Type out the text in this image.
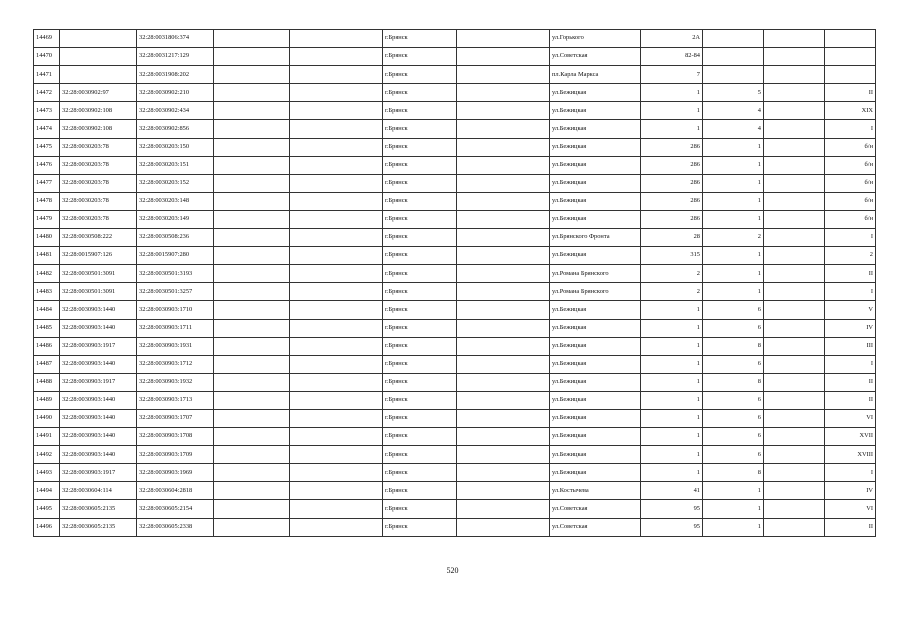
14469		32:28:0031806:374			г.Брянск		ул.Горького	2А			
14470		32:28:0031217:129			г.Брянск		ул.Советская	82-84			
14471		32:28:0031908:202			г.Брянск		пл.Карла Маркса	7			
14472	32:28:0030902:97	32:28:0030902:210			г.Брянск		ул.Бежицкая	1	5		II
14473	32:28:0030902:108	32:28:0030902:434			г.Брянск		ул.Бежицкая	1	4		XIX
14474	32:28:0030902:108	32:28:0030902:856			г.Брянск		ул.Бежицкая	1	4		I
14475	32:28:0030203:78	32:28:0030203:150			г.Брянск		ул.Бежицкая	286	1		б/н
14476	32:28:0030203:78	32:28:0030203:151			г.Брянск		ул.Бежицкая	286	1		б/н
14477	32:28:0030203:78	32:28:0030203:152			г.Брянск		ул.Бежицкая	286	1		б/н
14478	32:28:0030203:78	32:28:0030203:148			г.Брянск		ул.Бежицкая	286	1		б/н
14479	32:28:0030203:78	32:28:0030203:149			г.Брянск		ул.Бежицкая	286	1		б/н
14480	32:28:0030508:222	32:28:0030508:236			г.Брянск		ул.Брянского Фронта	28	2		I
14481	32:28:0015907:126	32:28:0015907:280			г.Брянск		ул.Бежицкая	315	1		2
14482	32:28:0030501:3091	32:28:0030501:3193			г.Брянск		ул.Романа Брянского	2	1		II
14483	32:28:0030501:3091	32:28:0030501:3257			г.Брянск		ул.Романа Брянского	2	1		I
14484	32:28:0030903:1440	32:28:0030903:1710			г.Брянск		ул.Бежицкая	1	6		V
14485	32:28:0030903:1440	32:28:0030903:1711			г.Брянск		ул.Бежицкая	1	6		IV
14486	32:28:0030903:1917	32:28:0030903:1931			г.Брянск		ул.Бежицкая	1	8		III
14487	32:28:0030903:1440	32:28:0030903:1712			г.Брянск		ул.Бежицкая	1	6		I
14488	32:28:0030903:1917	32:28:0030903:1932			г.Брянск		ул.Бежицкая	1	8		II
14489	32:28:0030903:1440	32:28:0030903:1713			г.Брянск		ул.Бежицкая	1	6		II
14490	32:28:0030903:1440	32:28:0030903:1707			г.Брянск		ул.Бежицкая	1	6		VI
14491	32:28:0030903:1440	32:28:0030903:1708			г.Брянск		ул.Бежицкая	1	6		XVII
14492	32:28:0030903:1440	32:28:0030903:1709			г.Брянск		ул.Бежицкая	1	6		XVIII
14493	32:28:0030903:1917	32:28:0030903:1969			г.Брянск		ул.Бежицкая	1	8		I
14494	32:28:0030604:114	32:28:0030604:2818			г.Брянск		ул.Костычева	41	1		IV
14495	32:28:0030605:2135	32:28:0030605:2154			г.Брянск		ул.Советская	95	1		VI
14496	32:28:0030605:2135	32:28:0030605:2338			г.Брянск		ул.Советская	95	1		II
520
